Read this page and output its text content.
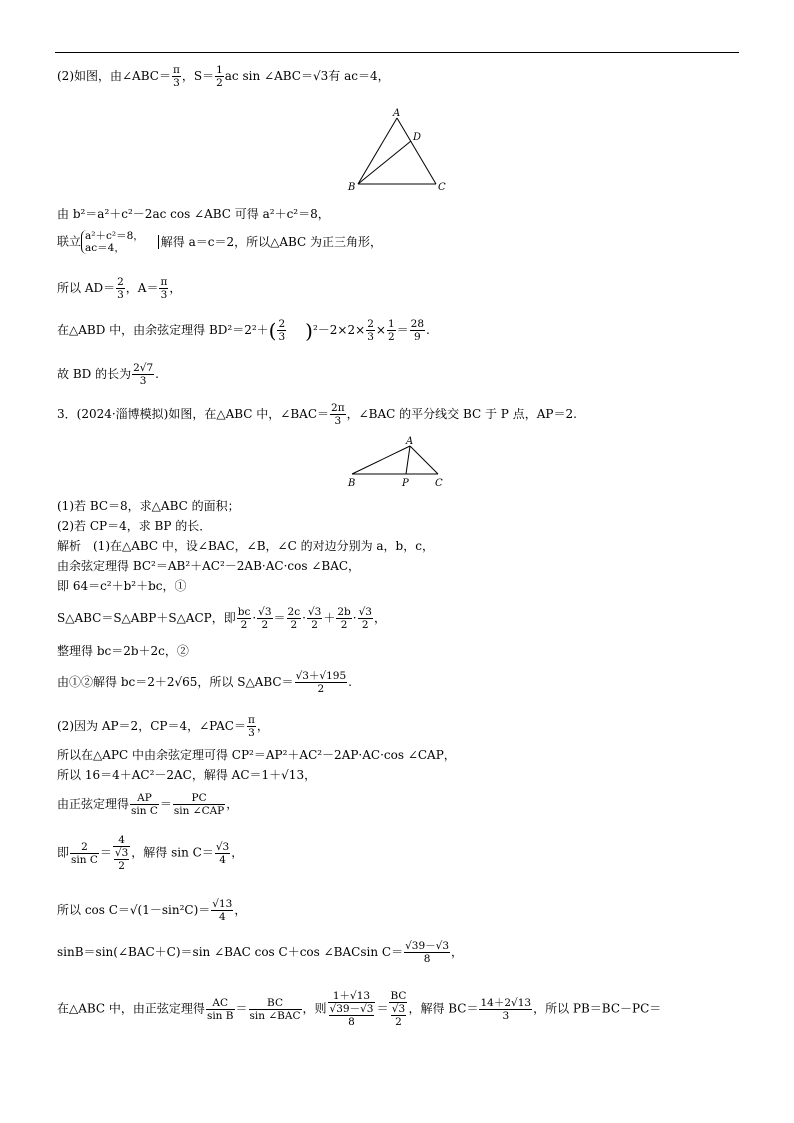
(2)如图，由∠ABC＝ $\frac{\pi}{3}$ ，$S= \frac{1}{2}$ ac sin ∠ABC＝√3有 ac＝4，
A
D
B	C
由 b²＝a²＋c²－2ac cos ∠ABC 可得 a²＋c²＝8，
联立 a²＋c²＝8，
ac＝4，	解得 a＝c＝2，所以△ABC 为正三角形，
所以 $AD= \frac{2}{3}$ ，$A= \frac{\pi}{3}$ ，
在△ABD 中，由余弦定理得 $BD^2=2^2+( \frac{2}{3} )^2-2\times 2\times \frac{2}{3} \times \frac{1}{2} = \frac{28}{9}$ .
故 BD 的长为 $\frac{2√7}{3}$ .
3．(2024·淄博模拟)如图，在△ABC 中，∠BAC＝ $\frac{2\pi}{3}$ ，∠BAC 的平分线交 BC 于 P 点，AP＝2.
A
B	P	C
(1)若 BC＝8，求△ABC 的面积；
(2)若 CP＝4，求 BP 的长．
解析　(1)在△ABC 中，设∠BAC，∠B，∠C 的对边分别为 a，b，c，
由余弦定理得 BC²＝AB²＋AC²－2AB·AC·cos ∠BAC，
即 64＝c²＋b²＋bc，①
S△ABC＝S△ABP＋S△ACP，即 $\frac{bc}{2} \cdot \frac{√3}{2} = \frac{2c}{2} \cdot \frac{√3}{2} + \frac{2b}{2} \cdot \frac{√3}{2}$ ，
整理得 bc＝2b＋2c，②
由①②解得 bc＝2＋2√65，所以 S△ABC＝ $\frac{√3+√195}{2}$ .
(2)因为 AP＝2，CP＝4，∠PAC＝ $\frac{\pi}{3}$ ，
所以在△APC 中由余弦定理可得 CP²＝AP²＋AC²－2AP·AC·cos ∠CAP，
所以 16＝4＋AC²－2AC，解得 AC＝1＋√13，
由正弦定理得 $\frac{AP}{\text{sin C}}$ ＝	PC
sin ∠CAP ，
即 $\frac{2}{\text{sin C}} = \frac{4}{\frac{√3}{2}}$ ，解得 $\sin C= \frac{√3}{4}$ ，
所以 $\cos C=√(1-\sin^2C)= \frac{√13}{4}$ ，
sinB＝sin(∠BAC＋C)＝sin ∠BAC cos C＋cos ∠BACsin $C= \frac{√39-√3}{8}$ ，
在△ABC 中，由正弦定理得 $\frac{AC}{\text{sin B}}$ ＝	BC
sin ∠BAC ，则 $\frac{1+√13}{\frac{√39-√3}{8}} = \frac{BC}{\frac{√3}{2}}$ ，解得 $BC= \frac{14+2√13}{3}$ ，所以 PB＝BC－PC＝
